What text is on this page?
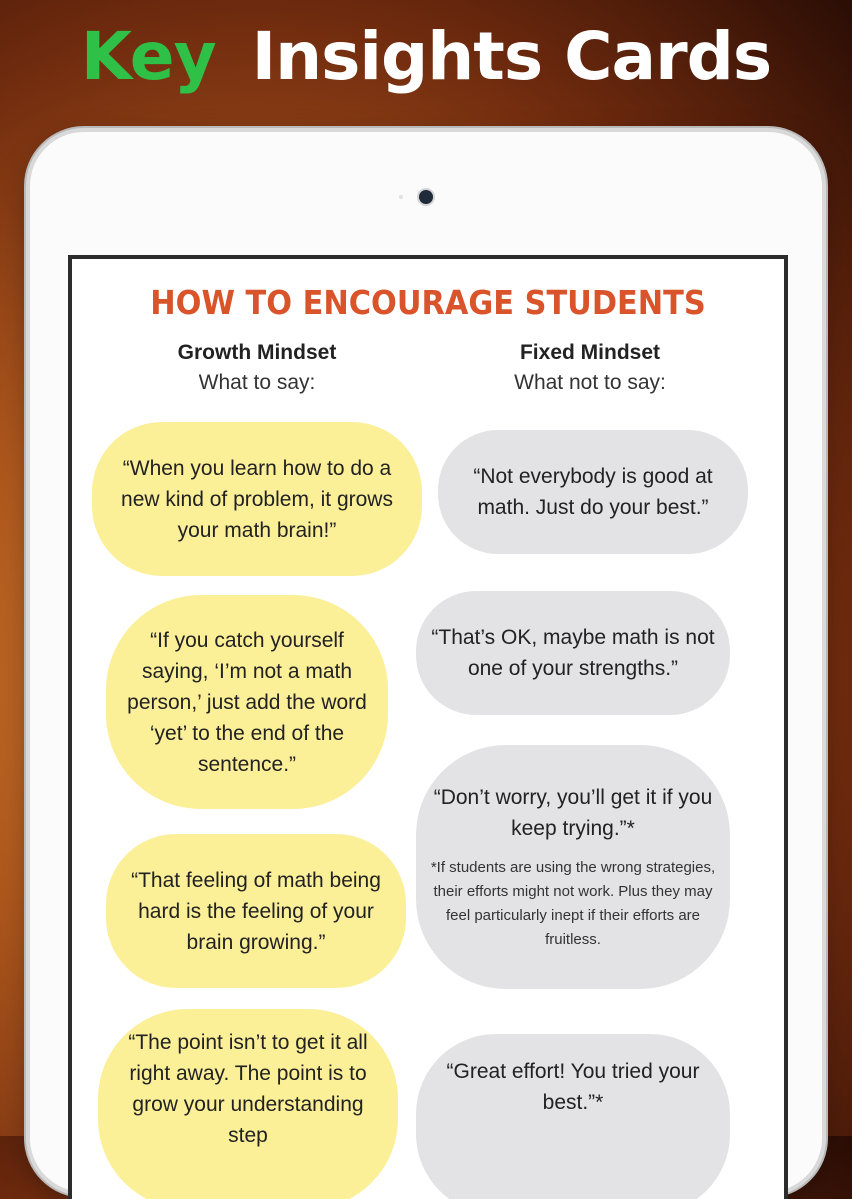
Key Insights Cards
HOW TO ENCOURAGE STUDENTS
Growth Mindset
What to say:
Fixed Mindset
What not to say:
“When you learn how to do a new kind of problem, it grows your math brain!”
“If you catch yourself saying, ‘I’m not a math person,’ just add the word ‘yet’ to the end of the sentence.”
“That feeling of math being hard is the feeling of your brain growing.”
“The point isn’t to get it all right away. The point is to grow your understanding step
“Not everybody is good at math. Just do your best.”
“That’s OK, maybe math is not one of your strengths.”
“Don’t worry, you’ll get it if you keep trying.”*
*If students are using the wrong strategies, their efforts might not work. Plus they may feel particularly inept if their efforts are fruitless.
“Great effort! You tried your best.”*
